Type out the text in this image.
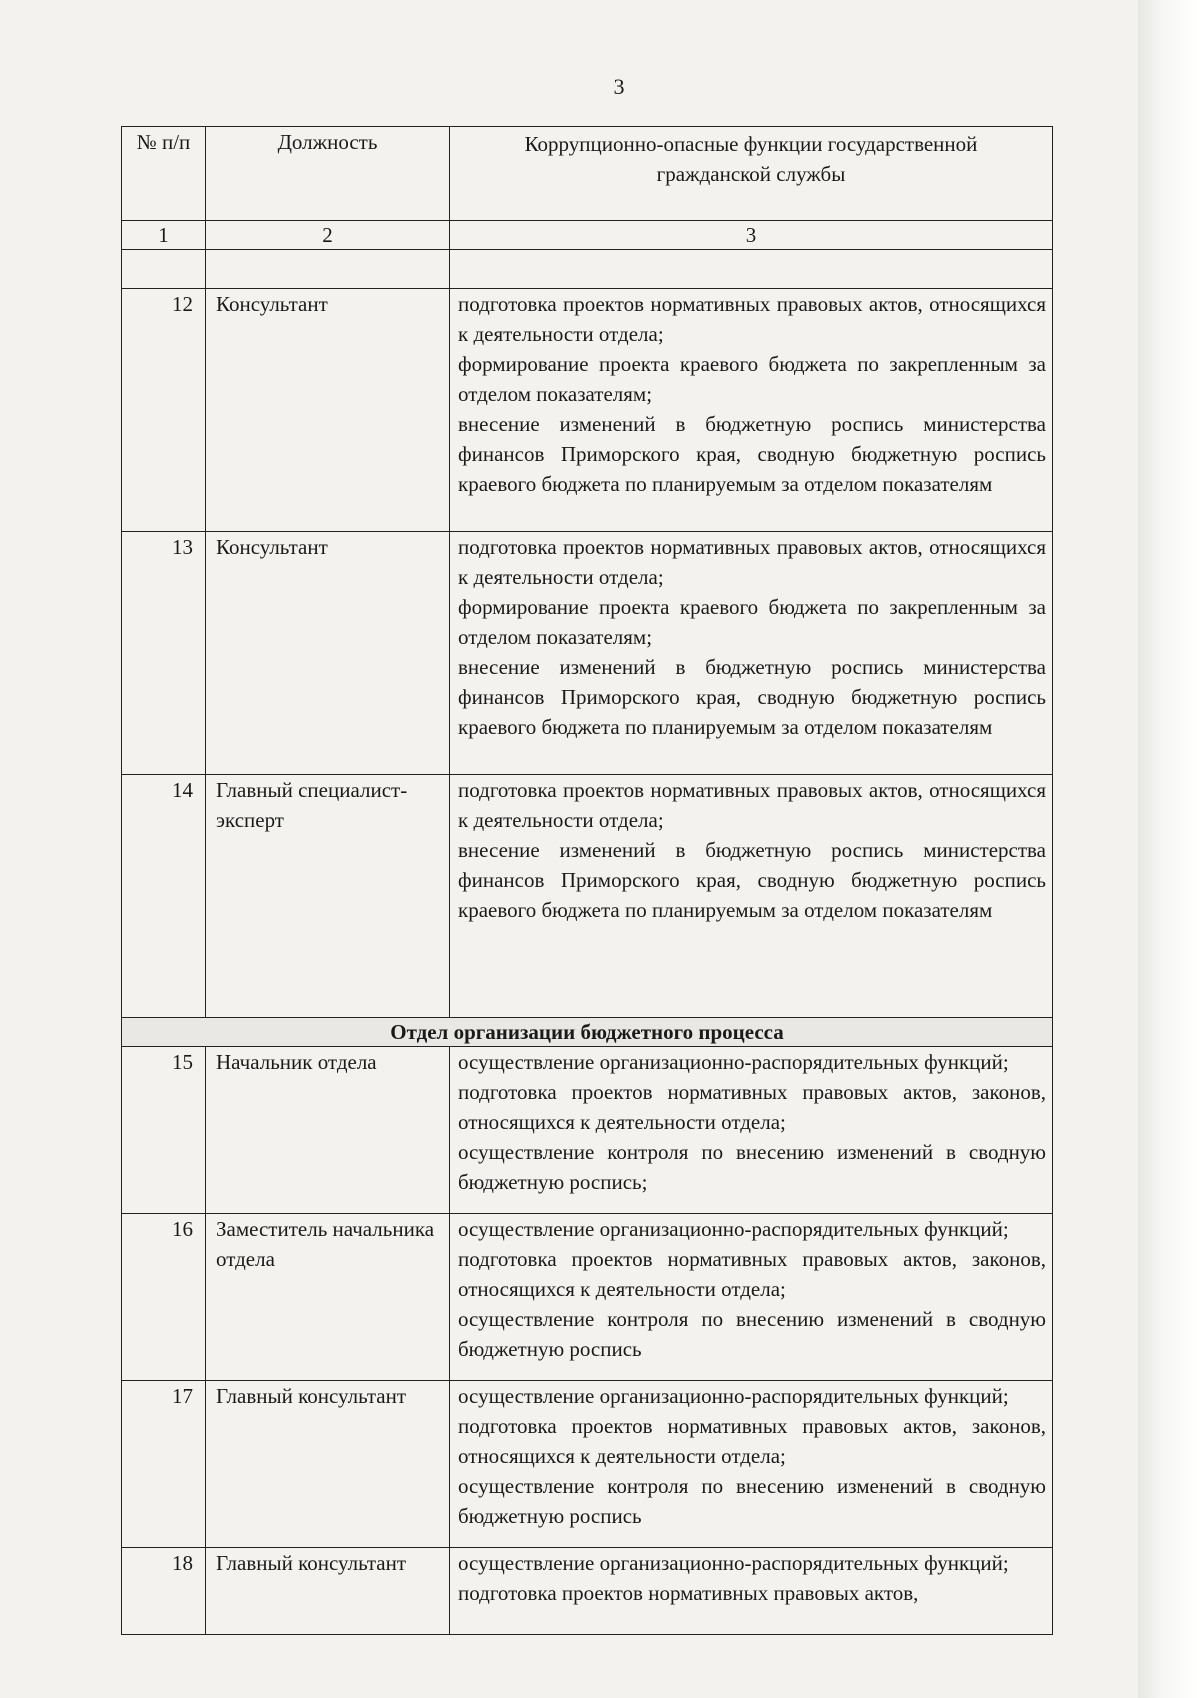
3
№ п/п	Должность	Коррупционно-опасные функции государственной гражданской службы
1	2	3

12	Консультант	подготовка проектов нормативных правовых актов, относящихся к деятельности отдела;

формирование проекта краевого бюджета по закрепленным за отделом показателям;

внесение изменений в бюджетную роспись министерства финансов Приморского края, сводную бюджетную роспись краевого бюджета по планируемым за отделом показателям

13	Консультант	подготовка проектов нормативных правовых актов, относящихся к деятельности отдела;

формирование проекта краевого бюджета по закрепленным за отделом показателям;

внесение изменений в бюджетную роспись министерства финансов Приморского края, сводную бюджетную роспись краевого бюджета по планируемым за отделом показателям

14	Главный специалист-эксперт	подготовка проектов нормативных правовых актов, относящихся к деятельности отдела;

внесение изменений в бюджетную роспись министерства финансов Приморского края, сводную бюджетную роспись краевого бюджета по планируемым за отделом показателям

Отдел организации бюджетного процесса		
15	Начальник отдела	осуществление организационно-распорядительных функций;

подготовка проектов нормативных правовых актов, законов, относящихся к деятельности отдела;

осуществление контроля по внесению изменений в сводную бюджетную роспись;

16	Заместитель начальника отдела	осуществление организационно-распорядительных функций;

подготовка проектов нормативных правовых актов, законов, относящихся к деятельности отдела;

осуществление контроля по внесению изменений в сводную бюджетную роспись

17	Главный консультант	осуществление организационно-распорядительных функций;

подготовка проектов нормативных правовых актов, законов, относящихся к деятельности отдела;

осуществление контроля по внесению изменений в сводную бюджетную роспись

18	Главный консультант	осуществление организационно-распорядительных функций;

подготовка проектов нормативных правовых актов,
